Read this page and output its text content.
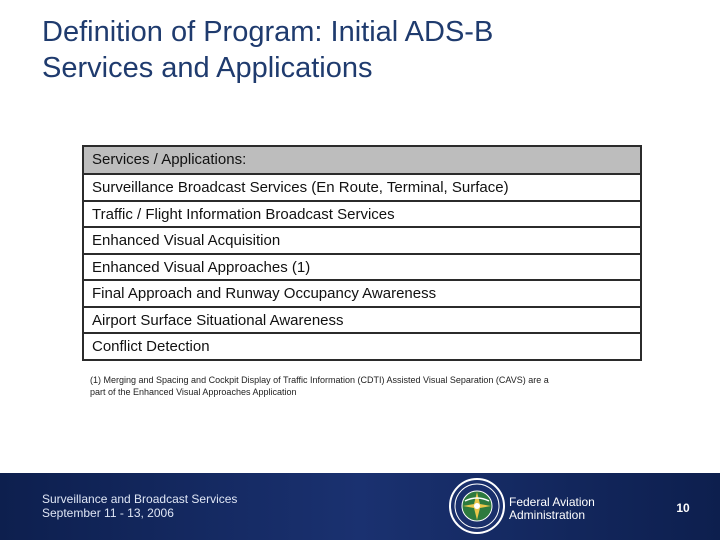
Definition of Program: Initial ADS-B
Services and Applications
Services / Applications:
Surveillance Broadcast Services (En Route, Terminal, Surface)
Traffic / Flight Information Broadcast Services
Enhanced Visual Acquisition
Enhanced Visual Approaches (1)
Final Approach and Runway Occupancy Awareness
Airport Surface Situational Awareness
Conflict Detection
(1) Merging and Spacing and Cockpit Display of Traffic Information (CDTI) Assisted Visual Separation (CAVS) are a
part of the Enhanced Visual Approaches Application
Surveillance and Broadcast Services
September 11 - 13, 2006
Federal Aviation
Administration	10
